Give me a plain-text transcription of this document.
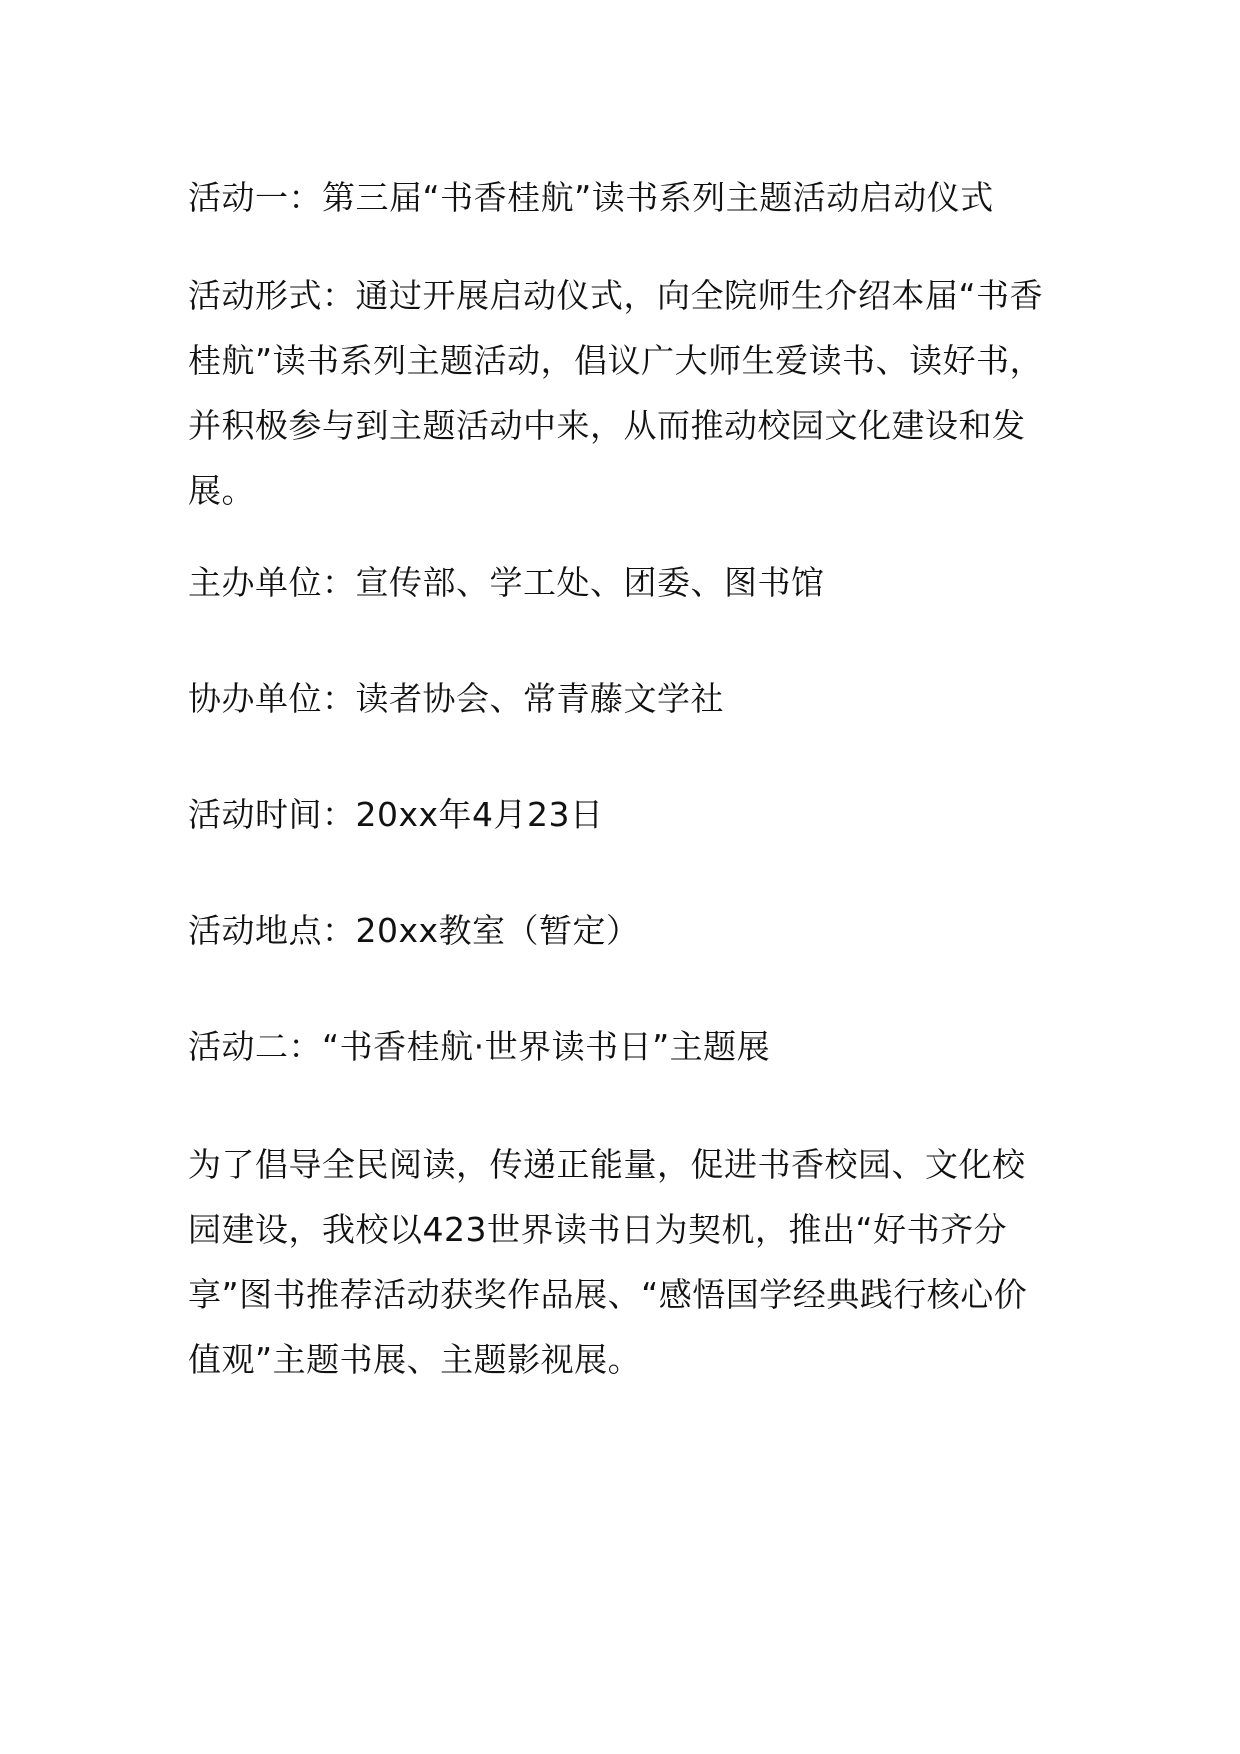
活动一：第三届“书香桂航”读书系列主题活动启动仪式

活动形式：通过开展启动仪式，向全院师生介绍本届“书香桂航”读书系列主题活动，倡议广大师生爱读书、读好书，并积极参与到主题活动中来，从而推动校园文化建设和发展。

主办单位：宣传部、学工处、团委、图书馆

协办单位：读者协会、常青藤文学社

活动时间：20xx年4月23日

活动地点：20xx教室（暂定）

活动二：“书香桂航·世界读书日”主题展

为了倡导全民阅读，传递正能量，促进书香校园、文化校园建设，我校以423世界读书日为契机，推出“好书齐分享”图书推荐活动获奖作品展、“感悟国学经典践行核心价值观”主题书展、主题影视展。
